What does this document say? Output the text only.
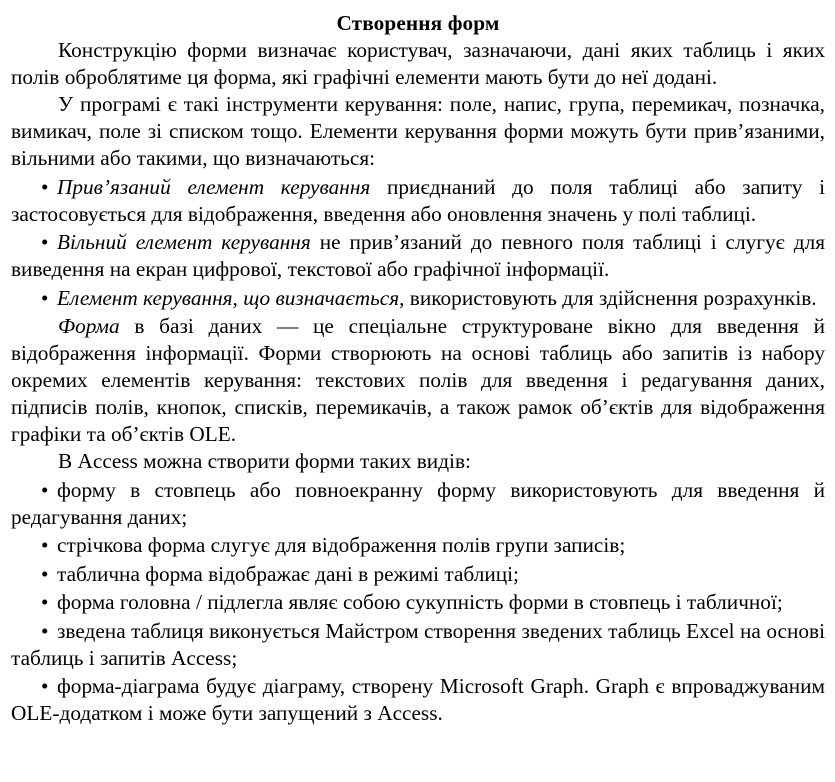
Створення форм

Конструкцію форми визначає користувач, зазначаючи, дані яких таблиць і яких полів оброблятиме ця форма, які графічні елементи мають бути до неї додані.

У програмі є такі інструменти керування: поле, напис, група, перемикач, позначка, вимикач, поле зі списком тощо. Елементи керування форми можуть бути прив’язаними, вільними або такими, що визначаються:

• Прив’язаний елемент керування приєднаний до поля таблиці або запиту і застосовується для відображення, введення або оновлення значень у полі таблиці.

• Вільний елемент керування не прив’язаний до певного поля таблиці і слугує для виведення на екран цифрової, текстової або графічної інформації.

• Елемент керування, що визначається, використовують для здійснення розрахунків.

Форма в базі даних — це спеціальне структуроване вікно для введення й відображення інформації. Форми створюють на основі таблиць або запитів із набору окремих елементів керування: текстових полів для введення і редагування даних, підписів полів, кнопок, списків, перемикачів, а також рамок об’єктів для відображення графіки та об’єктів OLE.

В Access можна створити форми таких видів:

• форму в стовпець або повноекранну форму використовують для введення й редагування даних;

• стрічкова форма слугує для відображення полів групи записів;

• таблична форма відображає дані в режимі таблиці;

• форма головна / підлегла являє собою сукупність форми в стовпець і табличної;

• зведена таблиця виконується Майстром створення зведених таблиць Excel на основі таблиць і запитів Access;

• форма-діаграма будує діаграму, створену Microsoft Graph. Graph є впроваджуваним OLE-додатком і може бути запущений з Access.
